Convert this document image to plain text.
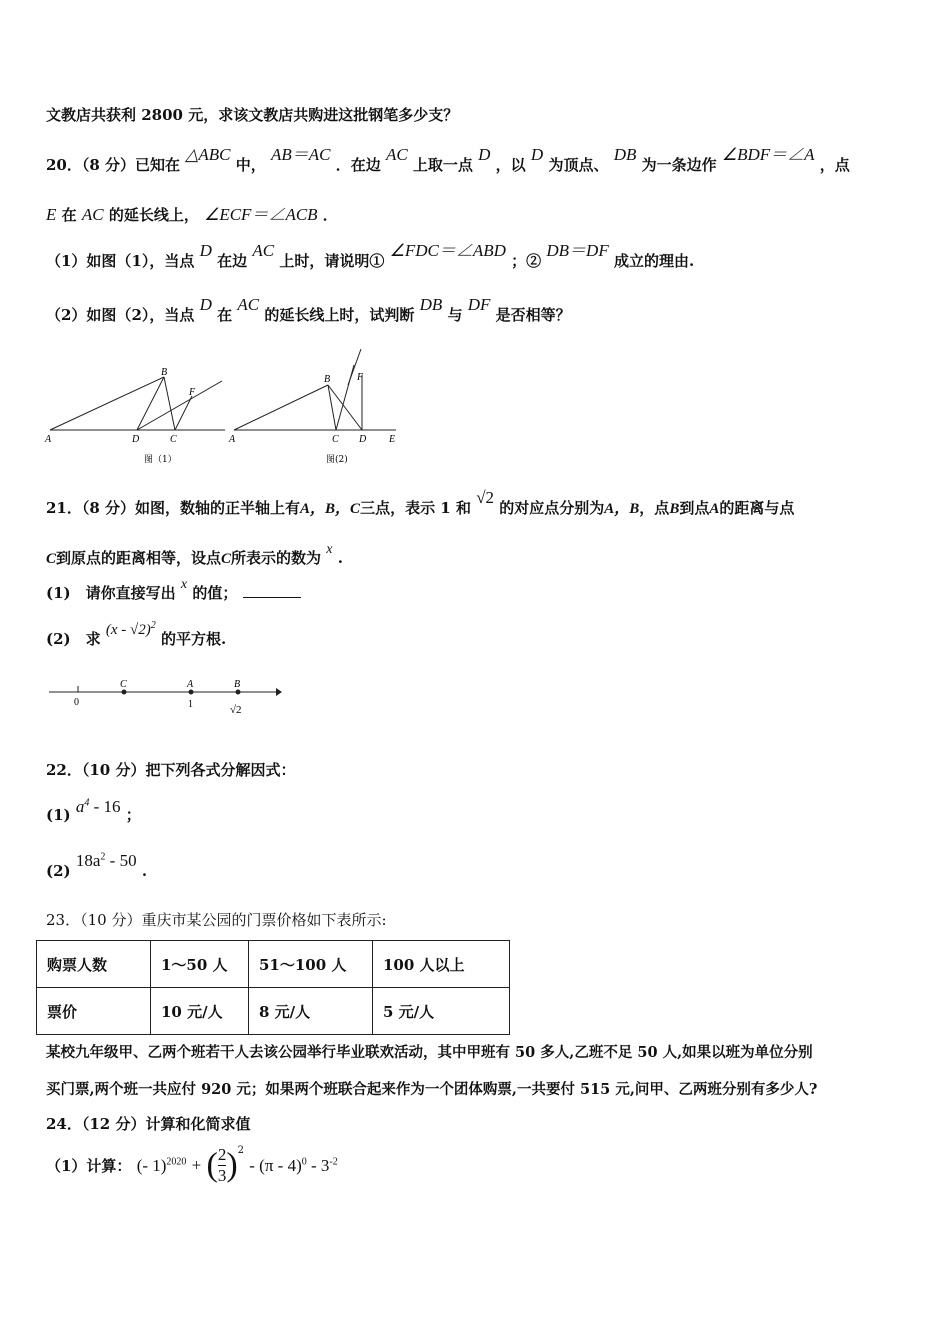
文教店共获利 2800 元，求该文教店共购进这批钢笔多少支？
20．（8 分）已知在 △ABC 中， AB＝AC ．在边 AC 上取一点 D ，以 D 为顶点、 DB 为一条边作 ∠BDF＝∠A ，点
E 在 AC 的延长线上， ∠ECF＝∠ACB ．
（1）如图（1），当点 D 在边 AC 上时，请说明① ∠FDC＝∠ABD ；② DB＝DF 成立的理由.
（2）如图（2），当点 D 在 AC 的延长线上时，试判断 DB 与 DF 是否相等？
A
B
D	C
F
图（1）
A
B
C D E
F
图(2)
21．（8 分）如图，数轴的正半轴上有A，B，C三点，表示 1 和 √2 的对应点分别为A，B，点B到点A的距离与点
C到原点的距离相等，设点C所表示的数为 x .
(1)　请你直接写出 x 的值；
(2)　求 (x - √2)$^2$ 的平方根.
0
C	A	B
1	√2
22．（10 分）把下列各式分解因式：
(1) $a^4 - 16$ ；
(2) $18a^2 - 50$ .
23．（10 分）重庆市某公园的门票价格如下表所示:
购票人数	1～50 人	51～100 人	100 人以上
票价	10 元/人	8 元/人	5 元/人
某校九年级甲、乙两个班若干人去该公园举行毕业联欢活动，其中甲班有 50 多人,乙班不足 50 人,如果以班为单位分别
买门票,两个班一共应付 920 元；如果两个班联合起来作为一个团体购票,一共要付 515 元,问甲、乙两班分别有多少人?
24．（12 分）计算和化简求值
（1）计算： (- 1)$^{2020}$ + ( $\frac{2}{3} )^2 - (\pi - 4)^0 - 3^{-2}$
